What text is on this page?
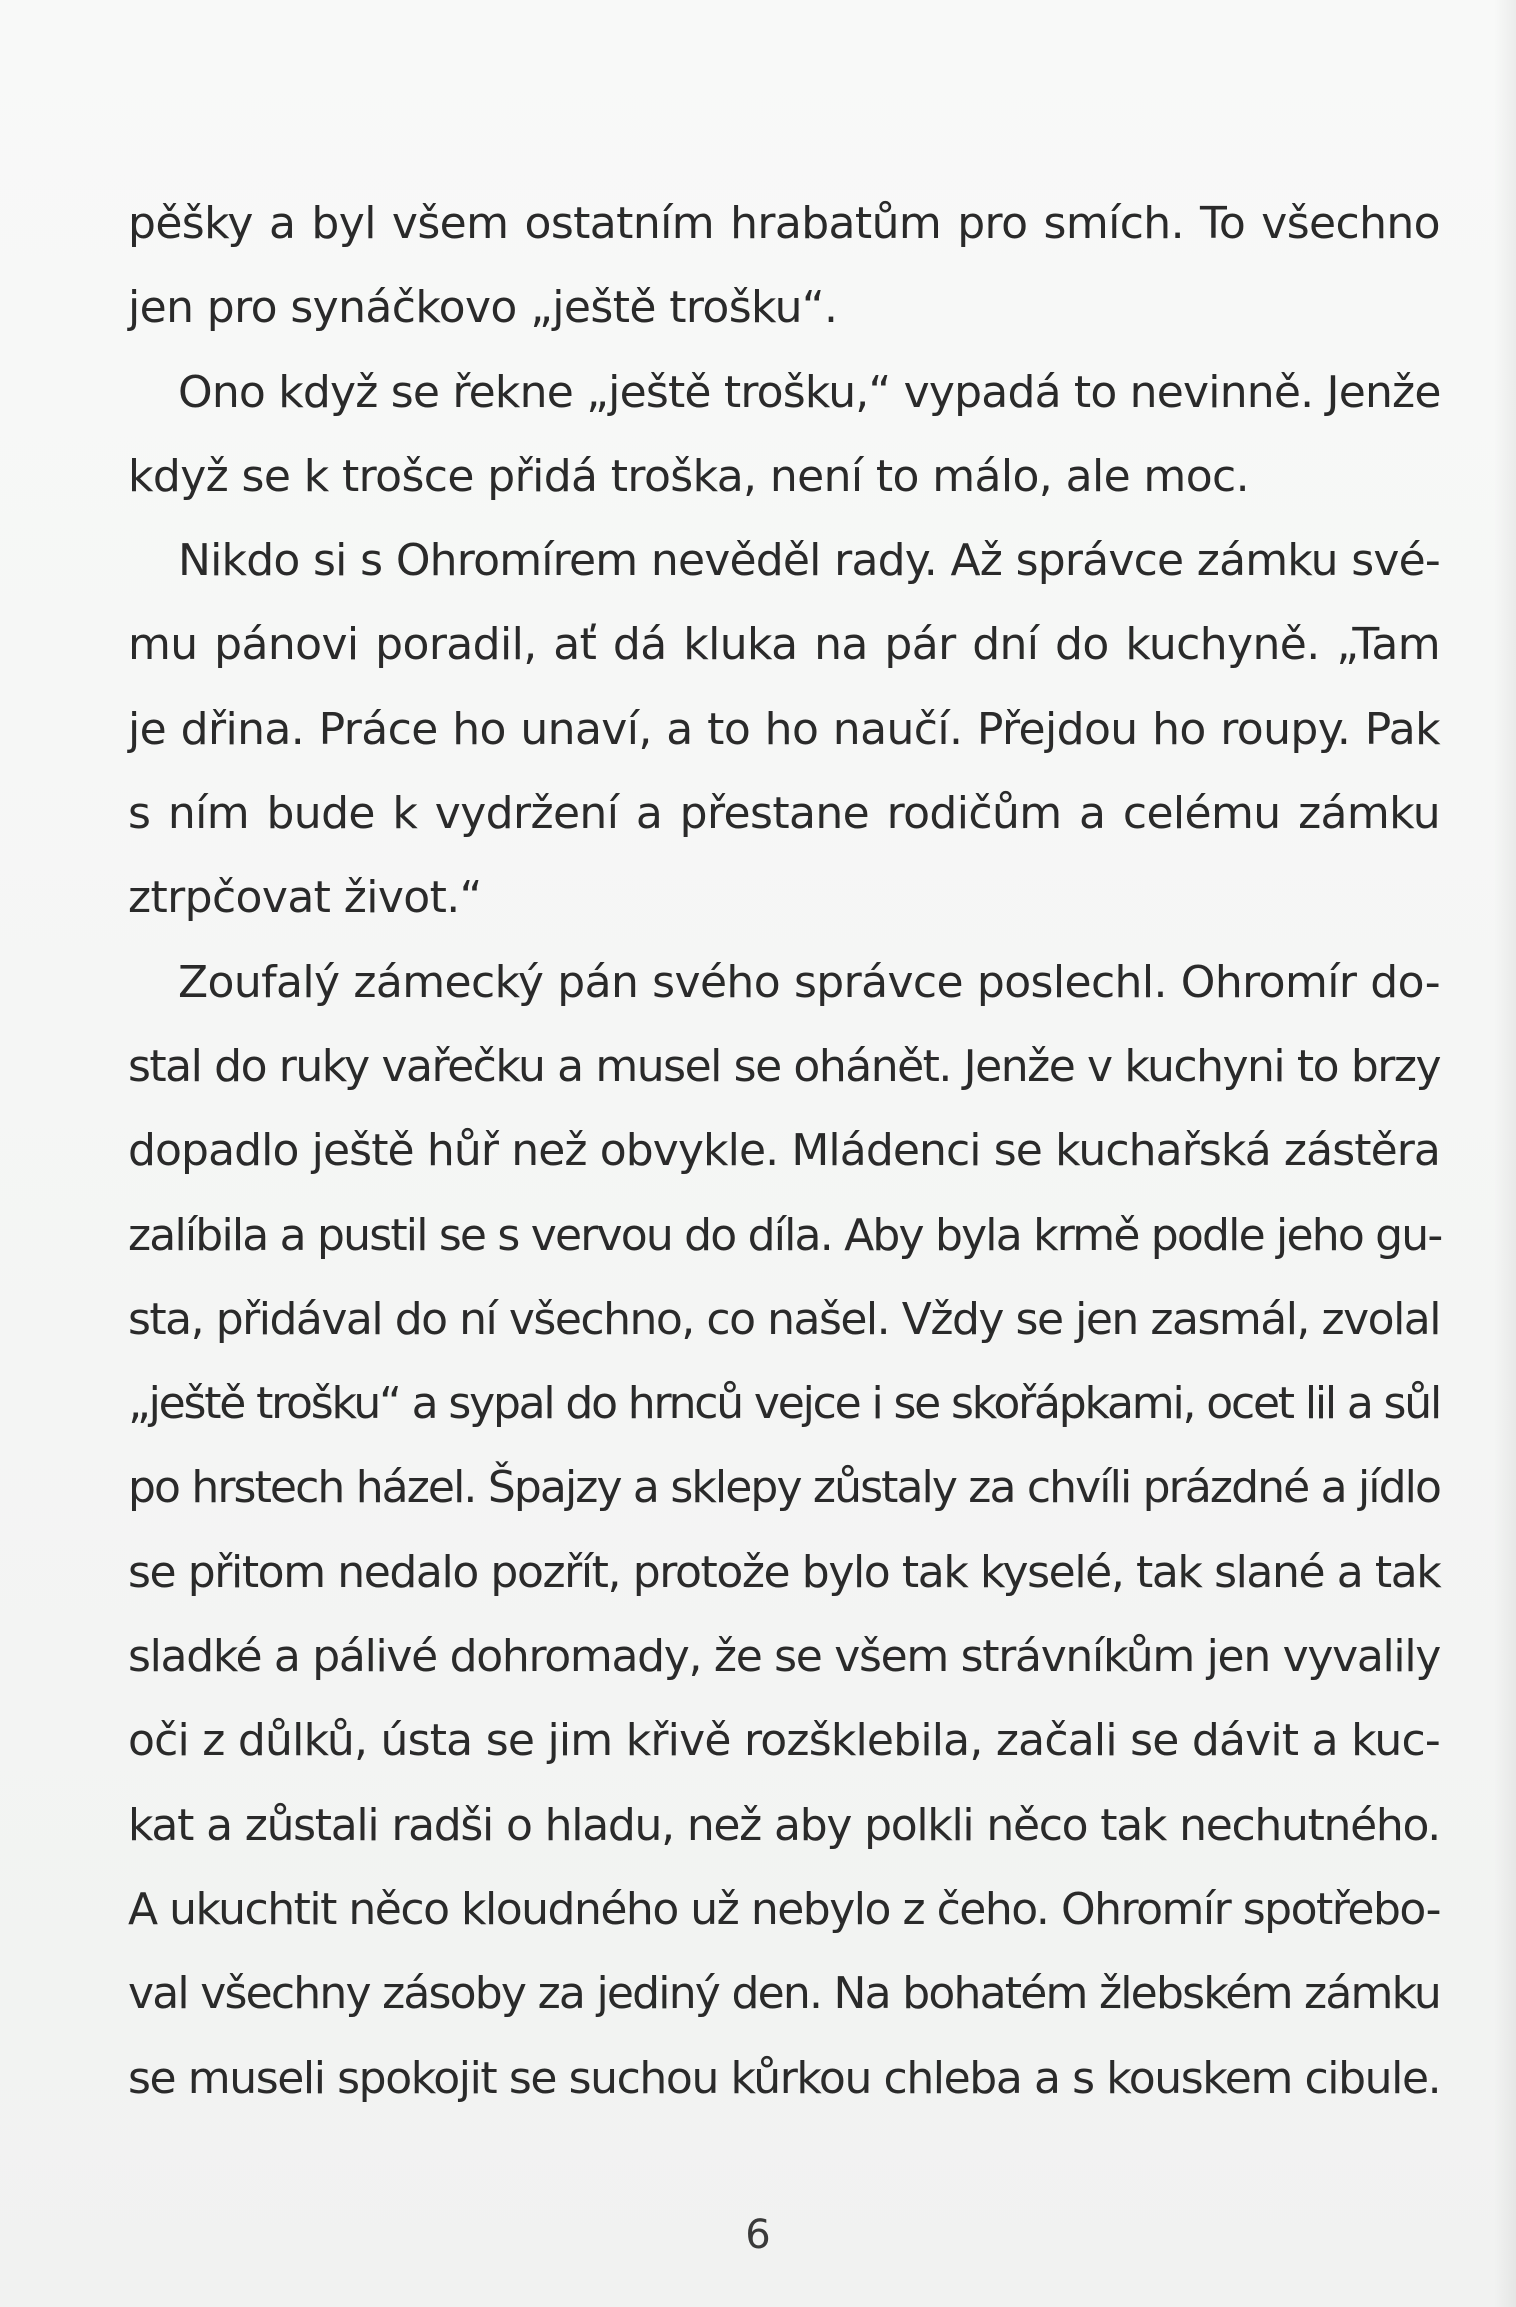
pěšky a byl všem ostatním hrabatům pro smích. To všechno
jen pro synáčkovo „ještě trošku“.
Ono když se řekne „ještě trošku,“ vypadá to nevinně. Jenže
když se k trošce přidá troška, není to málo, ale moc.
Nikdo si s Ohromírem nevěděl rady. Až správce zámku své-
mu pánovi poradil, ať dá kluka na pár dní do kuchyně. „Tam
je dřina. Práce ho unaví, a to ho naučí. Přejdou ho roupy. Pak
s ním bude k vydržení a přestane rodičům a celému zámku
ztrpčovat život.“
Zoufalý zámecký pán svého správce poslechl. Ohromír do-
stal do ruky vařečku a musel se ohánět. Jenže v kuchyni to brzy
dopadlo ještě hůř než obvykle. Mládenci se kuchařská zástěra
zalíbila a pustil se s vervou do díla. Aby byla krmě podle jeho gu-
sta, přidával do ní všechno, co našel. Vždy se jen zasmál, zvolal
„ještě trošku“ a sypal do hrnců vejce i se skořápkami, ocet lil a sůl
po hrstech házel. Špajzy a sklepy zůstaly za chvíli prázdné a jídlo
se přitom nedalo pozřít, protože bylo tak kyselé, tak slané a tak
sladké a pálivé dohromady, že se všem strávníkům jen vyvalily
oči z důlků, ústa se jim křivě rozšklebila, začali se dávit a kuc-
kat a zůstali radši o hladu, než aby polkli něco tak nechutného.
A ukuchtit něco kloudného už nebylo z čeho. Ohromír spotřebo-
val všechny zásoby za jediný den. Na bohatém žlebském zámku
se museli spokojit se suchou kůrkou chleba a s kouskem cibule.
6
